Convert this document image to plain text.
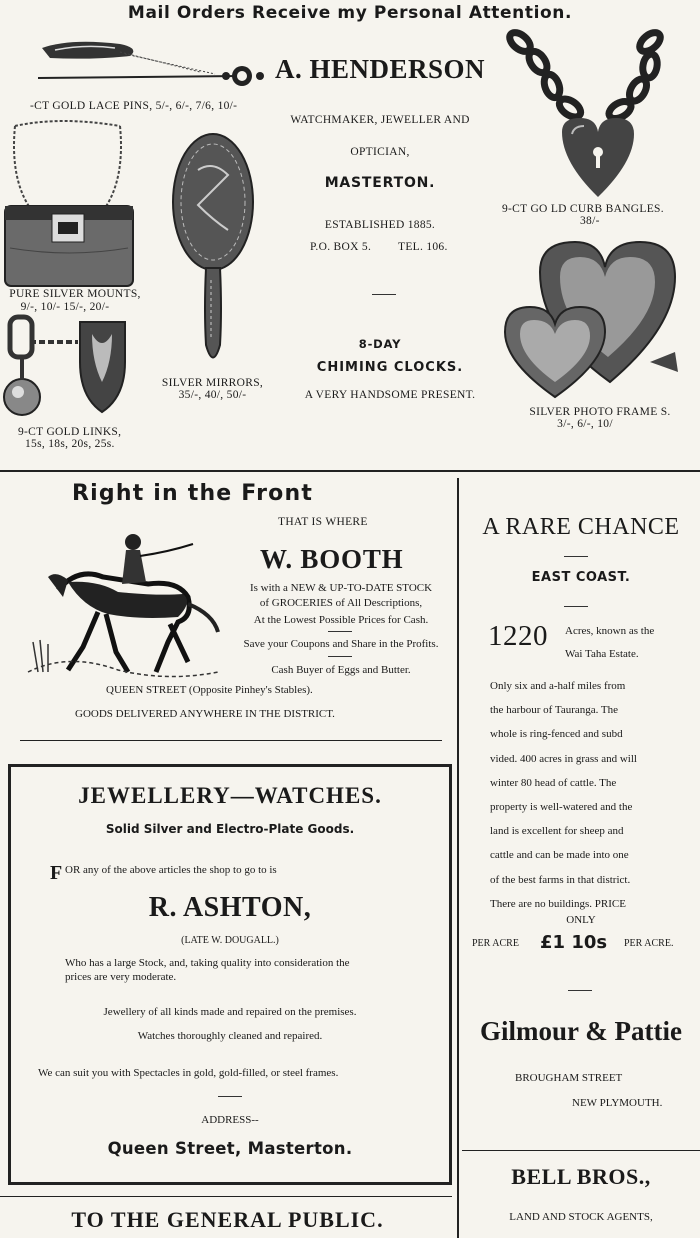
Mail Orders Receive my Personal Attention.
A. HENDERSON
-CT GOLD LACE PINS, 5/-, 6/-, 7/6, 10/-
WATCHMAKER, JEWELLER AND
OPTICIAN,
MASTERTON.
ESTABLISHED 1885.
P.O. BOX 5. TEL. 106.
9-CT GO LD CURB BANGLES.
38/-
PURE SILVER MOUNTS,
9/-, 10/- 15/-, 20/-
8-DAY
CHIMING CLOCKS.
A VERY HANDSOME PRESENT.
SILVER MIRRORS,
35/-, 40/, 50/-
SILVER PHOTO FRAME S.
3/-, 6/-, 10/
9-CT GOLD LINKS,
15s, 18s, 20s, 25s.
Right in the Front
THAT IS WHERE
W. BOOTH
Is with a NEW & UP-TO-DATE STOCK
of GROCERIES of All Descriptions,
At the Lowest Possible Prices for Cash.
Save your Coupons and Share in the Profits.
Cash Buyer of Eggs and Butter.
QUEEN STREET (Opposite Pinhey's Stables).
GOODS DELIVERED ANYWHERE IN THE DISTRICT.
JEWELLERY—WATCHES.
Solid Silver and Electro-Plate Goods.
F OR any of the above articles the shop to go to is
R. ASHTON,
(LATE W. DOUGALL.)
Who has a large Stock, and, taking quality into consideration the
prices are very moderate.
Jewellery of all kinds made and repaired on the premises.
Watches thoroughly cleaned and repaired.
We can suit you with Spectacles in gold, gold-filled, or steel frames.
ADDRESS--
Queen Street, Masterton.
TO THE GENERAL PUBLIC.
A RARE CHANCE
EAST COAST.
1220 Acres, known as the
Wai Taha Estate.
Only six and a-half miles from
the harbour of Tauranga. The
whole is ring-fenced and subd
vided. 400 acres in grass and will
winter 80 head of cattle. The
property is well-watered and the
land is excellent for sheep and
cattle and can be made into one
of the best farms in that district.
There are no buildings. PRICE
ONLY
PER ACRE £1 10s PER ACRE.
Gilmour & Pattie
BROUGHAM STREET
NEW PLYMOUTH.
BELL BROS.,
LAND AND STOCK AGENTS,
